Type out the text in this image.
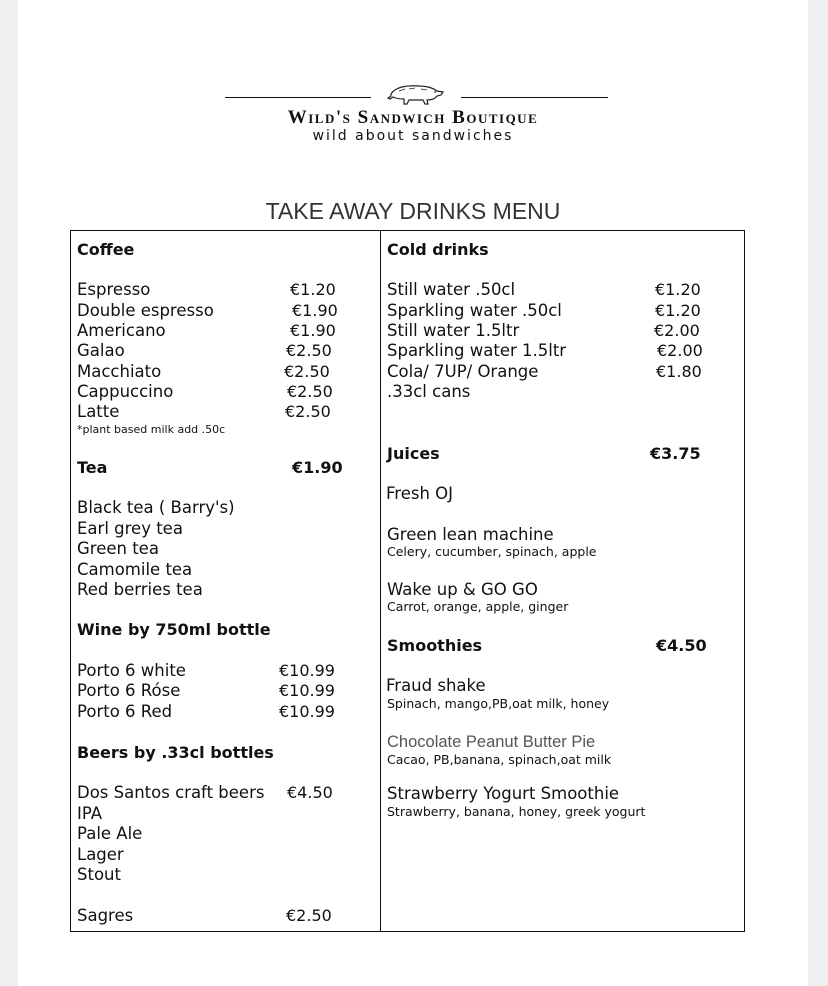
Wild's Sandwich Boutique
wild about sandwiches
TAKE AWAY DRINKS MENU
Coffee
Espresso	€1.20
Double espresso	€1.90
Americano	€1.90
Galao	€2.50
Macchiato	€2.50
Cappuccino	€2.50
Latte	€2.50
*plant based milk add .50c
Tea	€1.90
Black tea ( Barry's)
Earl grey tea
Green tea
Camomile tea
Red berries tea
Wine by 750ml bottle
Porto 6 white	€10.99
Porto 6 Róse	€10.99
Porto 6 Red	€10.99
Beers by .33cl bottles
Dos Santos craft beers €4.50
IPA
Pale Ale
Lager
Stout
Sagres	€2.50
Cold drinks
Still water .50cl	€1.20
Sparkling water .50cl	€1.20
Still water 1.5ltr	€2.00
Sparkling water 1.5ltr	€2.00
Cola/ 7UP/ Orange	€1.80
.33cl cans
Juices	€3.75
Fresh OJ
Green lean machine
Celery, cucumber, spinach, apple
Wake up & GO GO
Carrot, orange, apple, ginger
Smoothies	€4.50
Fraud shake
Spinach, mango,PB,oat milk, honey
Chocolate Peanut Butter Pie
Cacao, PB,banana, spinach,oat milk
Strawberry Yogurt Smoothie
Strawberry, banana, honey, greek yogurt
